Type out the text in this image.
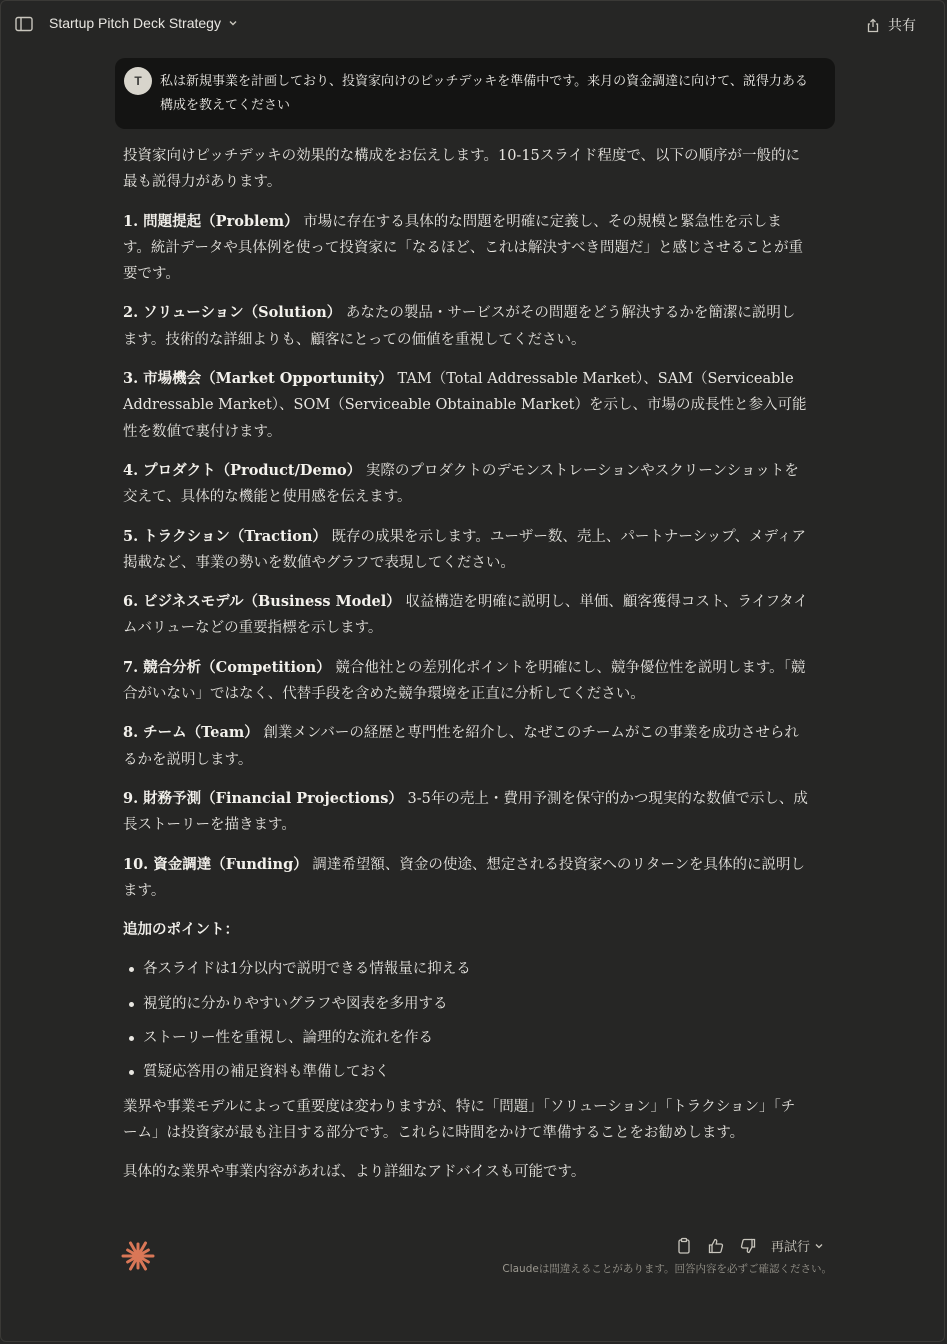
Startup Pitch Deck Strategy	共有
T	私は新規事業を計画しており、投資家向けのピッチデッキを準備中です。来月の資金調達に向けて、説得力ある構成を教えてください

投資家向けピッチデッキの効果的な構成をお伝えします。10-15スライド程度で、以下の順序が一般的に最も説得力があります。

1. 問題提起（Problem） 市場に存在する具体的な問題を明確に定義し、その規模と緊急性を示します。統計データや具体例を使って投資家に「なるほど、これは解決すべき問題だ」と感じさせることが重要です。

2. ソリューション（Solution） あなたの製品・サービスがその問題をどう解決するかを簡潔に説明します。技術的な詳細よりも、顧客にとっての価値を重視してください。

3. 市場機会（Market Opportunity） TAM（Total Addressable Market）、SAM（Serviceable Addressable Market）、SOM（Serviceable Obtainable Market）を示し、市場の成長性と参入可能性を数値で裏付けます。

4. プロダクト（Product/Demo） 実際のプロダクトのデモンストレーションやスクリーンショットを交えて、具体的な機能と使用感を伝えます。

5. トラクション（Traction） 既存の成果を示します。ユーザー数、売上、パートナーシップ、メディア掲載など、事業の勢いを数値やグラフで表現してください。

6. ビジネスモデル（Business Model） 収益構造を明確に説明し、単価、顧客獲得コスト、ライフタイムバリューなどの重要指標を示します。

7. 競合分析（Competition） 競合他社との差別化ポイントを明確にし、競争優位性を説明します。「競合がいない」ではなく、代替手段を含めた競争環境を正直に分析してください。

8. チーム（Team） 創業メンバーの経歴と専門性を紹介し、なぜこのチームがこの事業を成功させられるかを説明します。

9. 財務予測（Financial Projections） 3-5年の売上・費用予測を保守的かつ現実的な数値で示し、成長ストーリーを描きます。

10. 資金調達（Funding） 調達希望額、資金の使途、想定される投資家へのリターンを具体的に説明します。

追加のポイント：

各スライドは1分以内で説明できる情報量に抑える
視覚的に分かりやすいグラフや図表を多用する
ストーリー性を重視し、論理的な流れを作る
質疑応答用の補足資料も準備しておく

業界や事業モデルによって重要度は変わりますが、特に「問題」「ソリューション」「トラクション」「チーム」は投資家が最も注目する部分です。これらに時間をかけて準備することをお勧めします。

具体的な業界や事業内容があれば、より詳細なアドバイスも可能です。

再試行
Claudeは間違えることがあります。回答内容を必ずご確認ください。
